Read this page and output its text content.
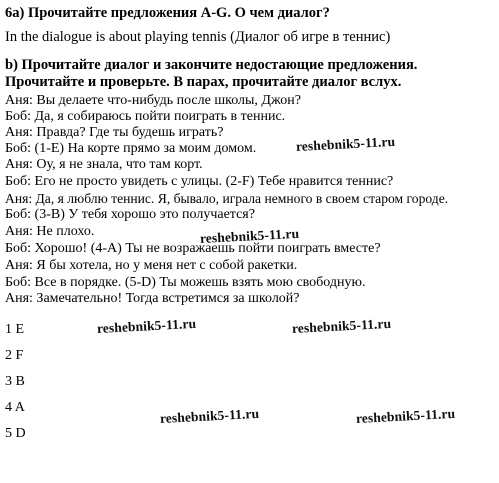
6а) Прочитайте предложения A-G. О чем диалог?
In the dialogue is about playing tennis (Диалог об игре в теннис)
b) Прочитайте диалог и закончите недостающие предложения.
Прочитайте и проверьте. В парах, прочитайте диалог вслух.
Аня: Вы делаете что-нибудь после школы, Джон?
Боб: Да, я собираюсь пойти поиграть в теннис.
Аня: Правда? Где ты будешь играть?
Боб: (1-E) На корте прямо за моим домом.
Аня: Оу, я не знала, что там корт.
Боб: Его не просто увидеть с улицы. (2-F) Тебе нравится теннис?
Аня: Да, я люблю теннис. Я, бывало, играла немного в своем старом городе.
Боб: (3-B) У тебя хорошо это получается?
Аня: Не плохо.
Боб: Хорошо! (4-A) Ты не возражаешь пойти поиграть вместе?
Аня: Я бы хотела, но у меня нет с собой ракетки.
Боб: Все в порядке. (5-D) Ты можешь взять мою свободную.
Аня: Замечательно! Тогда встретимся за школой?
1 E
2 F
3 B
4 A
5 D
reshebnik5-11.ru
reshebnik5-11.ru
reshebnik5-11.ru	reshebnik5-11.ru
reshebnik5-11.ru	reshebnik5-11.ru
